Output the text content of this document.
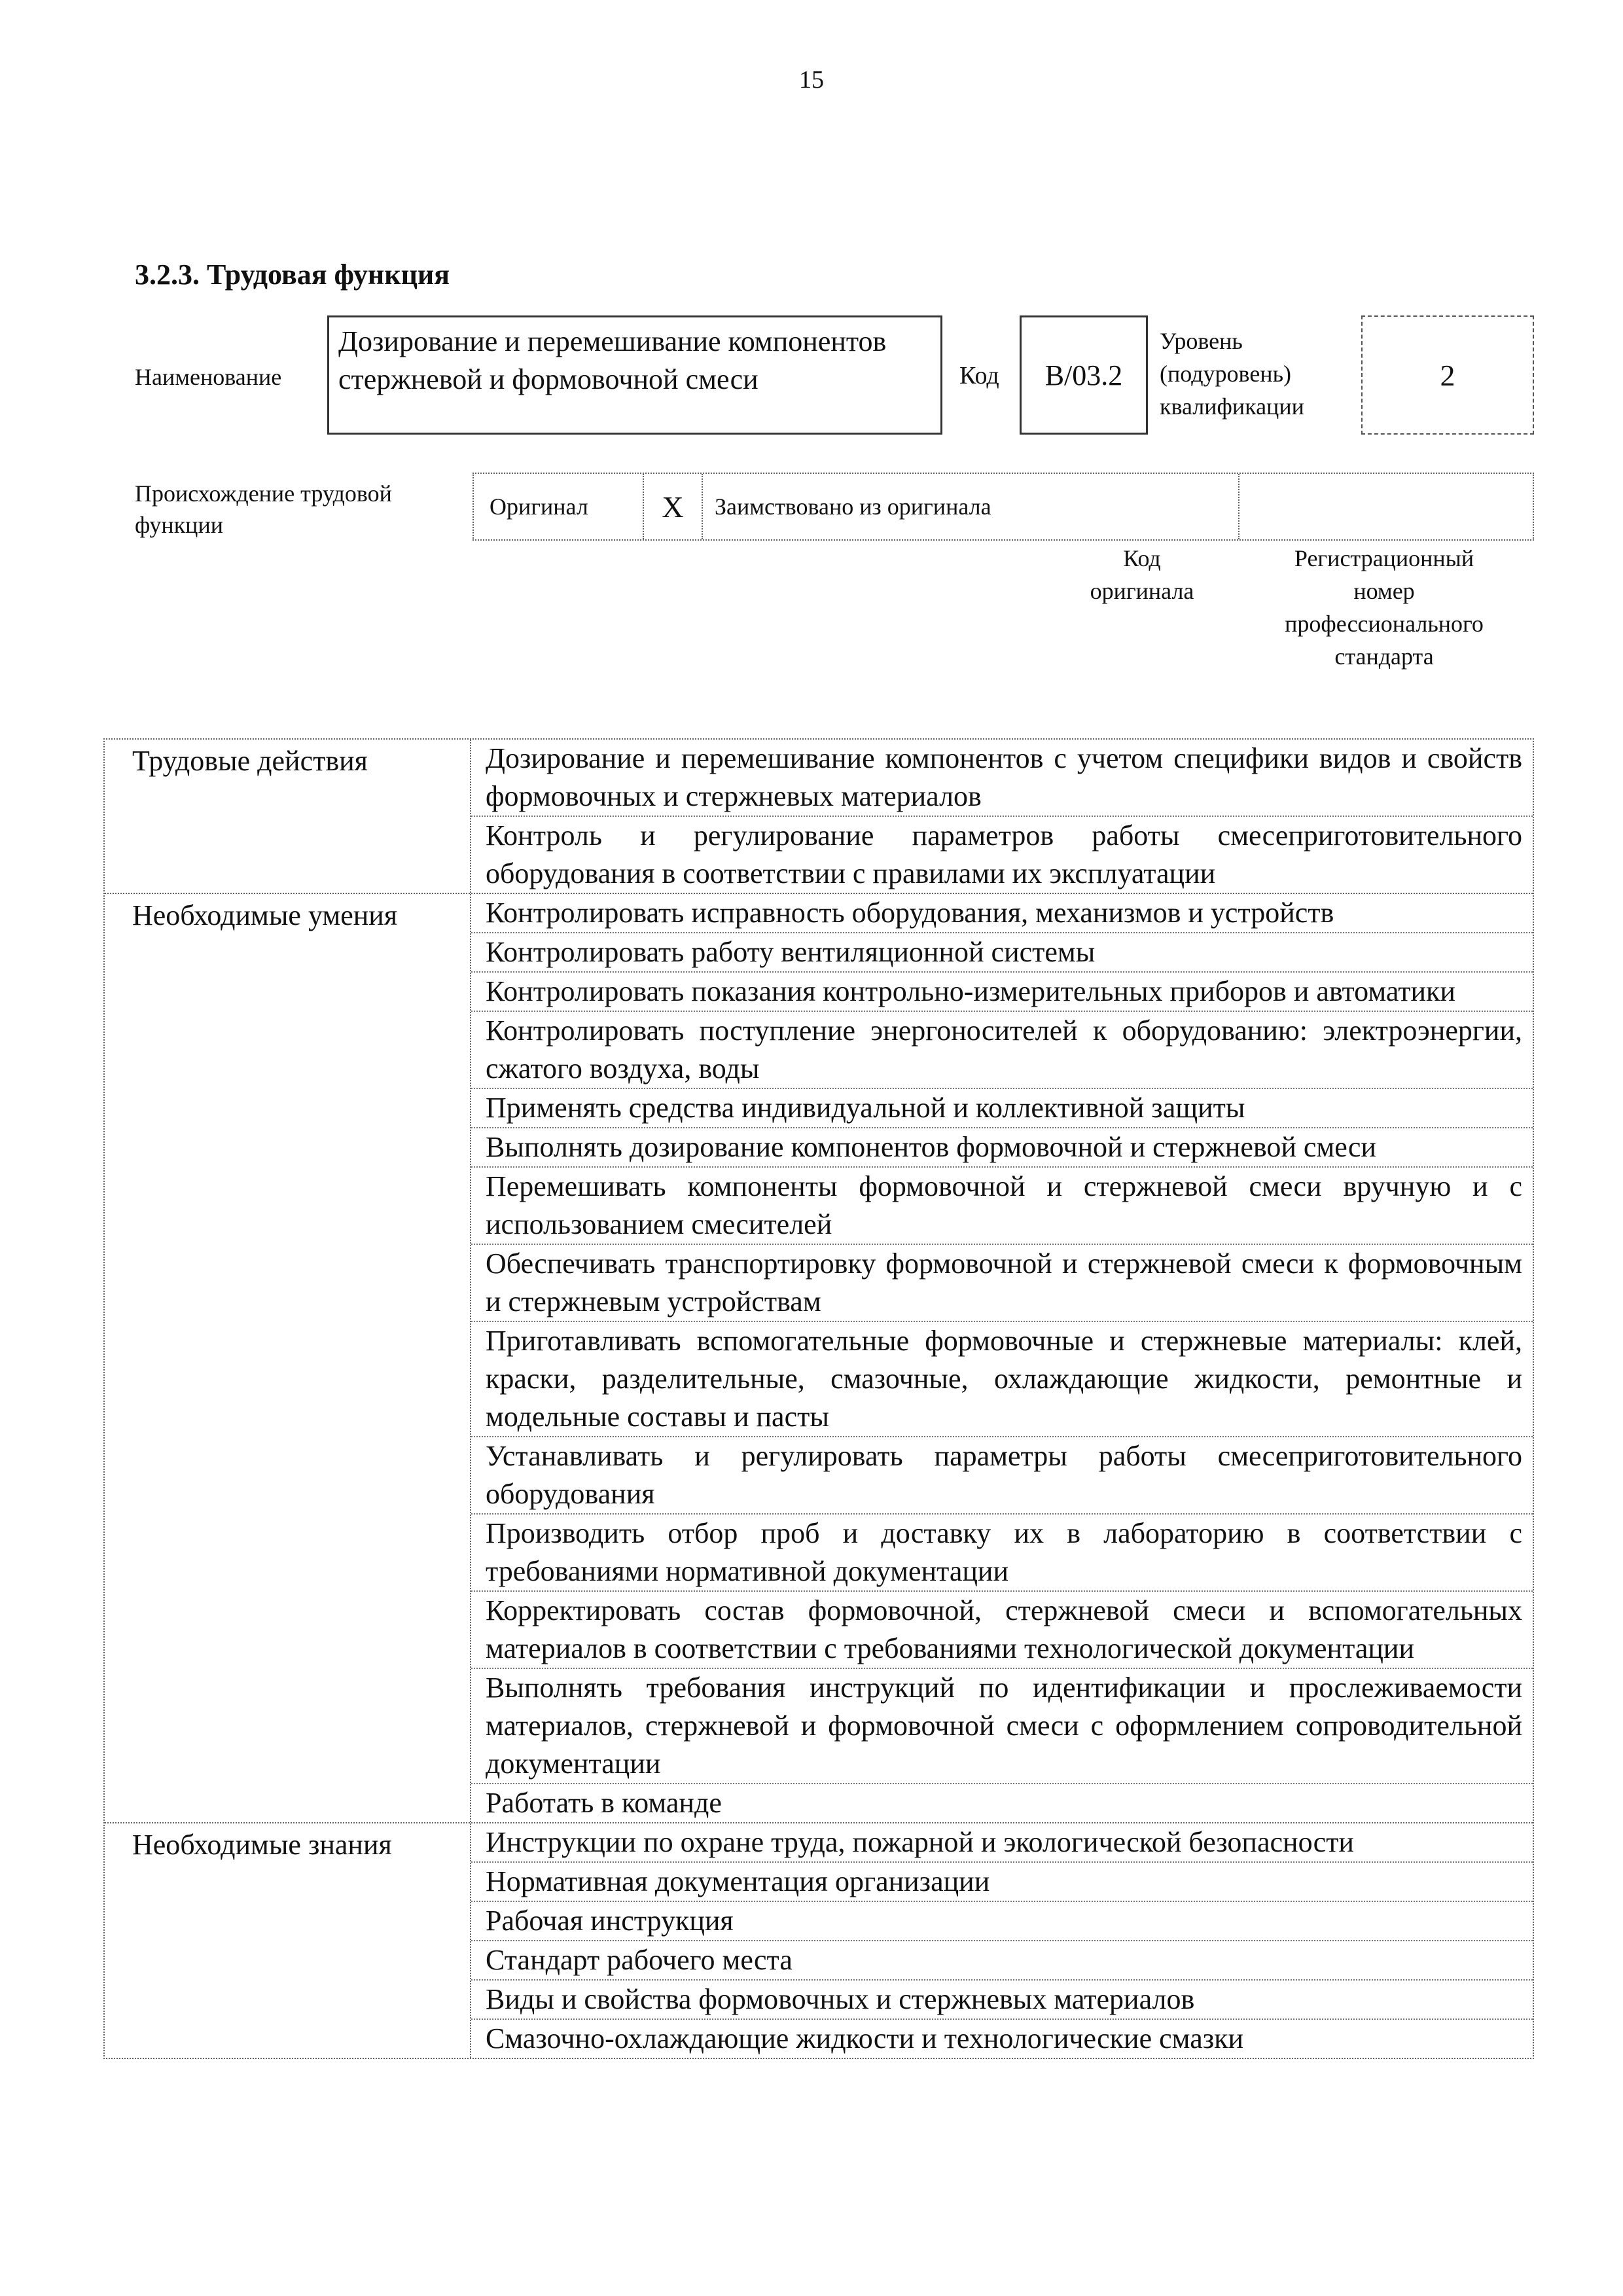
15
3.2.3. Трудовая функция
Наименование
Дозирование и перемешивание компонентов стержневой и формовочной смеси	Код	B/03.2
Уровень
(подуровень)
квалификации
2
Происхождение трудовой
функции
Оригинал	X	Заимствовано из оригинала
Код
оригинала
Регистрационный
номер
профессионального
стандарта
Трудовые действия	Дозирование и перемешивание компонентов с учетом специфики видов и свойств формовочных и стержневых материалов
Контроль и регулирование параметров работы смесеприготовительного оборудования в соответствии с правилами их эксплуатации
Необходимые умения	Контролировать исправность оборудования, механизмов и устройств
Контролировать работу вентиляционной системы
Контролировать показания контрольно-измерительных приборов и автоматики
Контролировать поступление энергоносителей к оборудованию: электроэнергии, сжатого воздуха, воды
Применять средства индивидуальной и коллективной защиты
Выполнять дозирование компонентов формовочной и стержневой смеси
Перемешивать компоненты формовочной и стержневой смеси вручную и с использованием смесителей
Обеспечивать транспортировку формовочной и стержневой смеси к формовочным и стержневым устройствам
Приготавливать вспомогательные формовочные и стержневые материалы: клей, краски, разделительные, смазочные, охлаждающие жидкости, ремонтные и модельные составы и пасты
Устанавливать и регулировать параметры работы смесеприготовительного оборудования
Производить отбор проб и доставку их в лабораторию в соответствии с требованиями нормативной документации
Корректировать состав формовочной, стержневой смеси и вспомогательных материалов в соответствии с требованиями технологической документации
Выполнять требования инструкций по идентификации и прослеживаемости материалов, стержневой и формовочной смеси с оформлением сопроводительной документации
Работать в команде
Необходимые знания	Инструкции по охране труда, пожарной и экологической безопасности
Нормативная документация организации
Рабочая инструкция
Стандарт рабочего места
Виды и свойства формовочных и стержневых материалов
Смазочно-охлаждающие жидкости и технологические смазки
